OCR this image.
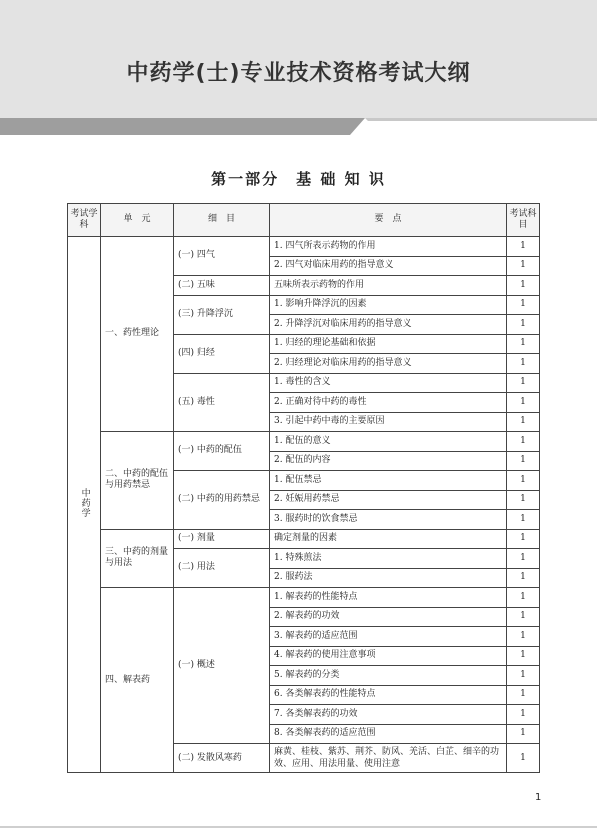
中药学(士)专业技术资格考试大纲
第一部分　基 础 知 识
考试学科	单　元	细　目	要　点	考试科目
中药学	一、药性理论	(一) 四气	1. 四气所表示药物的作用	1
			2. 四气对临床用药的指导意义	1
		(二) 五味	五味所表示药物的作用	1
		(三) 升降浮沉	1. 影响升降浮沉的因素	1
			2. 升降浮沉对临床用药的指导意义	1
		(四) 归经	1. 归经的理论基础和依据	1
			2. 归经理论对临床用药的指导意义	1
		(五) 毒性	1. 毒性的含义	1
			2. 正确对待中药的毒性	1
			3. 引起中药中毒的主要原因	1
	二、中药的配伍与用药禁忌	(一) 中药的配伍	1. 配伍的意义	1
			2. 配伍的内容	1
		(二) 中药的用药禁忌	1. 配伍禁忌	1
			2. 妊娠用药禁忌	1
			3. 服药时的饮食禁忌	1
	三、中药的剂量与用法	(一) 剂量	确定剂量的因素	1
		(二) 用法	1. 特殊煎法	1
			2. 服药法	1
	四、解表药	(一) 概述	1. 解表药的性能特点	1
			2. 解表药的功效	1
			3. 解表药的适应范围	1
			4. 解表药的使用注意事项	1
			5. 解表药的分类	1
			6. 各类解表药的性能特点	1
			7. 各类解表药的功效	1
			8. 各类解表药的适应范围	1
		(二) 发散风寒药	麻黄、桂枝、紫苏、荆芥、防风、羌活、白芷、细辛的功效、应用、用法用量、使用注意	1
1
